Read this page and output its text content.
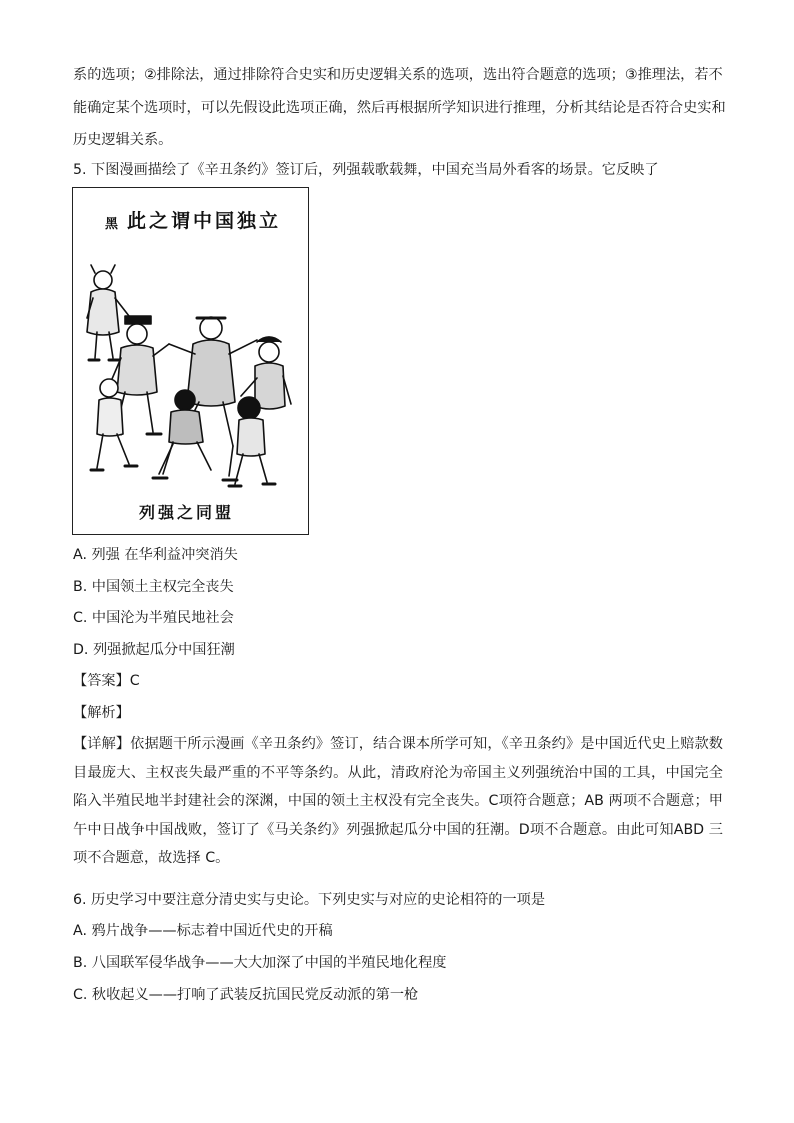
系的选项；②排除法，通过排除符合史实和历史逻辑关系的选项，选出符合题意的选项；③推理法，若不
能确定某个选项时，可以先假设此选项正确，然后再根据所学知识进行推理，分析其结论是否符合史实和
历史逻辑关系。
5. 下图漫画描绘了《辛丑条约》签订后，列强载歌载舞，中国充当局外看客的场景。它反映了
黑 此之谓中国独立
列强之同盟
A. 列强 在华利益冲突消失
B. 中国领土主权完全丧失
C. 中国沦为半殖民地社会
D. 列强掀起瓜分中国狂潮
【答案】C
【解析】
【详解】依据题干所示漫画《辛丑条约》签订，结合课本所学可知，《辛丑条约》是中国近代史上赔款数目最庞大、主权丧失最严重的不平等条约。从此，清政府沦为帝国主义列强统治中国的工具，中国完全陷入半殖民地半封建社会的深渊，中国的领土主权没有完全丧失。C项符合题意；AB 两项不合题意；甲午中日战争中国战败，签订了《马关条约》列强掀起瓜分中国的狂潮。D项不合题意。由此可知ABD 三项不合题意，故选择 C。
6. 历史学习中要注意分清史实与史论。下列史实与对应的史论相符的一项是
A. 鸦片战争——标志着中国近代史的开稿
B. 八国联军侵华战争——大大加深了中国的半殖民地化程度
C. 秋收起义——打响了武装反抗国民党反动派的第一枪
